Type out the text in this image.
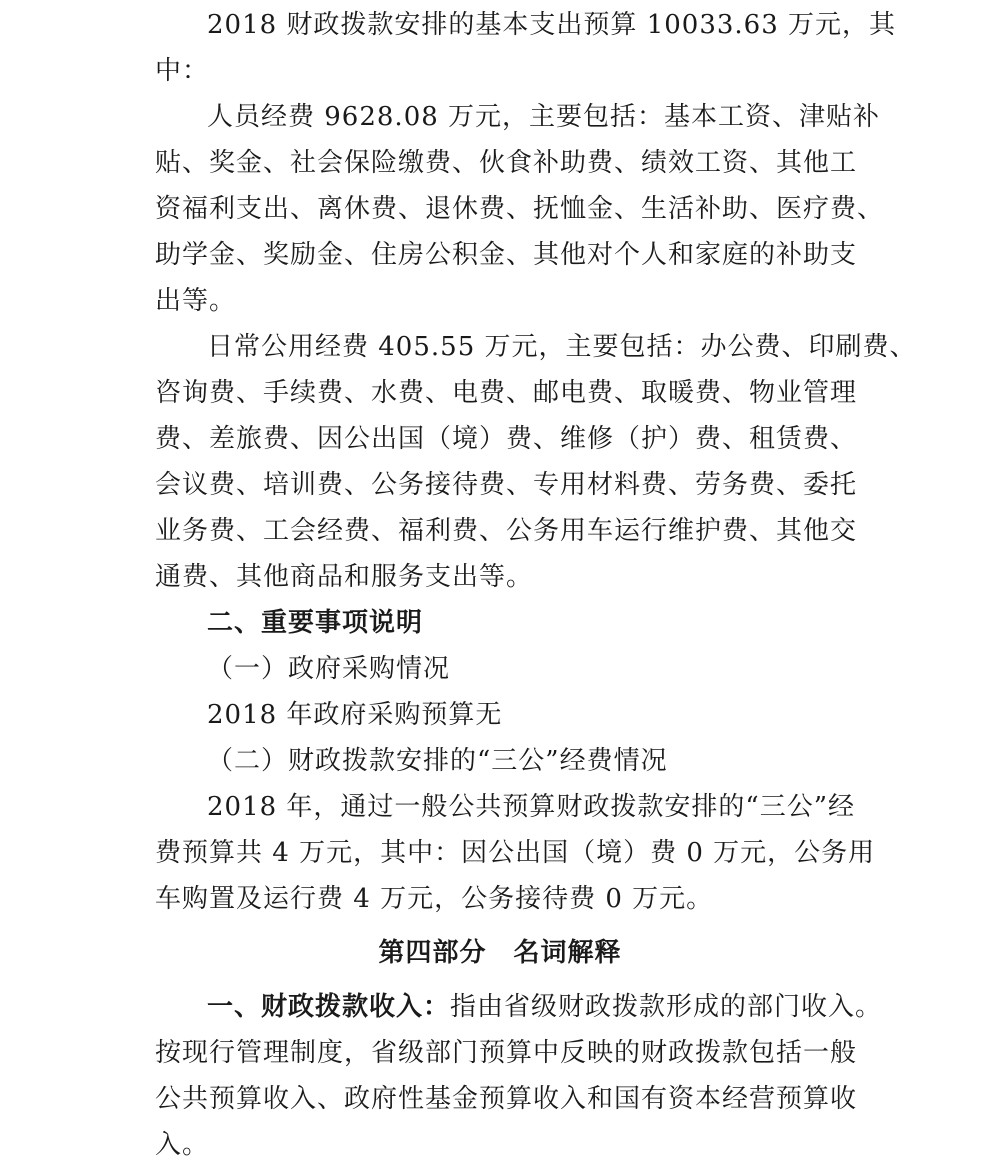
2018 财政拨款安排的基本支出预算 10033.63 万元，其
中：
人员经费 9628.08 万元，主要包括：基本工资、津贴补
贴、奖金、社会保险缴费、伙食补助费、绩效工资、其他工
资福利支出、离休费、退休费、抚恤金、生活补助、医疗费、
助学金、奖励金、住房公积金、其他对个人和家庭的补助支
出等。
日常公用经费 405.55 万元，主要包括：办公费、印刷费、
咨询费、手续费、水费、电费、邮电费、取暖费、物业管理
费、差旅费、因公出国（境）费、维修（护）费、租赁费、
会议费、培训费、公务接待费、专用材料费、劳务费、委托
业务费、工会经费、福利费、公务用车运行维护费、其他交
通费、其他商品和服务支出等。
二、重要事项说明
（一）政府采购情况
2018 年政府采购预算无
（二）财政拨款安排的“三公”经费情况
2018 年，通过一般公共预算财政拨款安排的“三公”经
费预算共 4 万元，其中：因公出国（境）费 0 万元，公务用
车购置及运行费 4 万元，公务接待费 0 万元。
第四部分　名词解释
一、财政拨款收入：指由省级财政拨款形成的部门收入。
按现行管理制度，省级部门预算中反映的财政拨款包括一般
公共预算收入、政府性基金预算收入和国有资本经营预算收
入。
